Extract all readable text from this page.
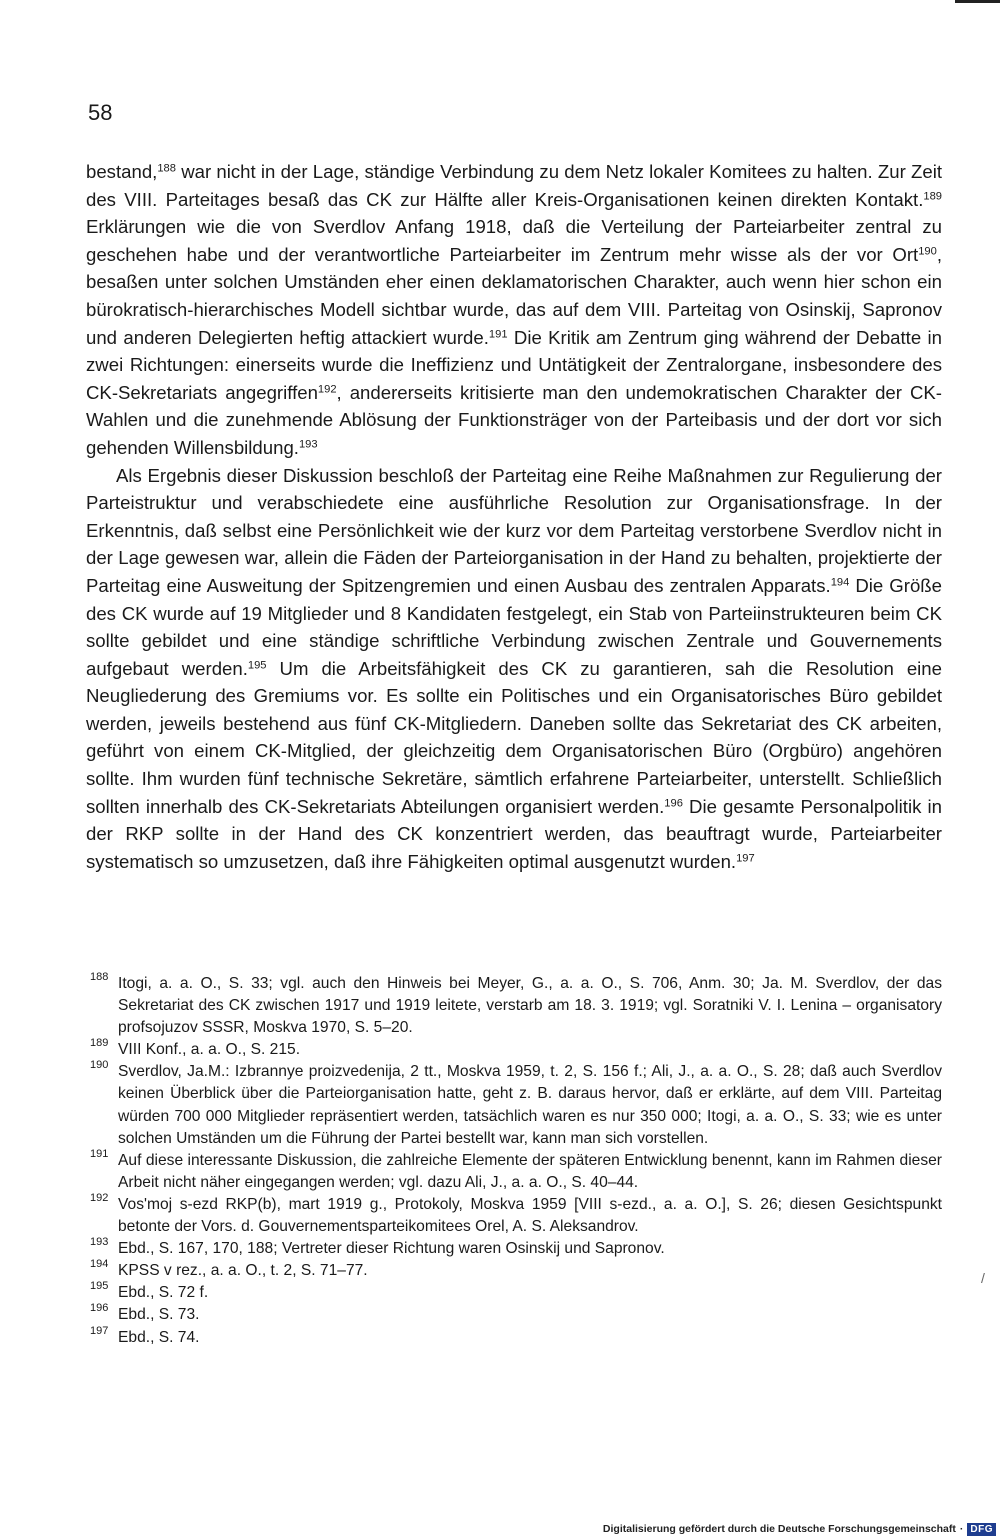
58

bestand,$^{188}$ war nicht in der Lage, ständige Verbindung zu dem Netz lokaler Komitees zu halten. Zur Zeit des VIII. Parteitages besaß das CK zur Hälfte aller Kreis-Organisationen keinen direkten Kontakt.$^{189}$ Erklärungen wie die von Sverdlov Anfang 1918, daß die Verteilung der Parteiarbeiter zentral zu geschehen habe und der verantwortliche Parteiarbeiter im Zentrum mehr wisse als der vor Ort$^{190}$, besaßen unter solchen Umständen eher einen deklamatorischen Charakter, auch wenn hier schon ein bürokratisch-hierarchisches Modell sichtbar wurde, das auf dem VIII. Parteitag von Osinskij, Sapronov und anderen Delegierten heftig attackiert wurde.$^{191}$ Die Kritik am Zentrum ging während der Debatte in zwei Richtungen: einerseits wurde die Ineffizienz und Untätigkeit der Zentralorgane, insbesondere des CK-Sekretariats angegriffen$^{192}$, andererseits kritisierte man den undemokratischen Charakter der CK-Wahlen und die zunehmende Ablösung der Funktionsträger von der Parteibasis und der dort vor sich gehenden Willensbildung.$^{193}$

Als Ergebnis dieser Diskussion beschloß der Parteitag eine Reihe Maßnahmen zur Regulierung der Parteistruktur und verabschiedete eine ausführliche Resolution zur Organisationsfrage. In der Erkenntnis, daß selbst eine Persönlichkeit wie der kurz vor dem Parteitag verstorbene Sverdlov nicht in der Lage gewesen war, allein die Fäden der Parteiorganisation in der Hand zu behalten, projektierte der Parteitag eine Ausweitung der Spitzengremien und einen Ausbau des zentralen Apparats.$^{194}$ Die Größe des CK wurde auf 19 Mitglieder und 8 Kandidaten festgelegt, ein Stab von Parteiinstrukteuren beim CK sollte gebildet und eine ständige schriftliche Verbindung zwischen Zentrale und Gouvernements aufgebaut werden.$^{195}$ Um die Arbeitsfähigkeit des CK zu garantieren, sah die Resolution eine Neugliederung des Gremiums vor. Es sollte ein Politisches und ein Organisatorisches Büro gebildet werden, jeweils bestehend aus fünf CK-Mitgliedern. Daneben sollte das Sekretariat des CK arbeiten, geführt von einem CK-Mitglied, der gleichzeitig dem Organisatorischen Büro (Orgbüro) angehören sollte. Ihm wurden fünf technische Sekretäre, sämtlich erfahrene Parteiarbeiter, unterstellt. Schließlich sollten innerhalb des CK-Sekretariats Abteilungen organisiert werden.$^{196}$ Die gesamte Personalpolitik in der RKP sollte in der Hand des CK konzentriert werden, das beauftragt wurde, Parteiarbeiter systematisch so umzusetzen, daß ihre Fähigkeiten optimal ausgenutzt wurden.$^{197}$

188 Itogi, a. a. O., S. 33; vgl. auch den Hinweis bei Meyer, G., a. a. O., S. 706, Anm. 30; Ja. M. Sverdlov, der das Sekretariat des CK zwischen 1917 und 1919 leitete, verstarb am 18. 3. 1919; vgl. Soratniki V. I. Lenina – organisatory profsojuzov SSSR, Moskva 1970, S. 5–20.
189 VIII Konf., a. a. O., S. 215.
190 Sverdlov, Ja.M.: Izbrannye proizvedenija, 2 tt., Moskva 1959, t. 2, S. 156 f.; Ali, J., a. a. O., S. 28; daß auch Sverdlov keinen Überblick über die Parteiorganisation hatte, geht z. B. daraus hervor, daß er erklärte, auf dem VIII. Parteitag würden 700 000 Mitglieder repräsentiert werden, tatsächlich waren es nur 350 000; Itogi, a. a. O., S. 33; wie es unter solchen Umständen um die Führung der Partei bestellt war, kann man sich vorstellen.
191 Auf diese interessante Diskussion, die zahlreiche Elemente der späteren Entwicklung benennt, kann im Rahmen dieser Arbeit nicht näher eingegangen werden; vgl. dazu Ali, J., a. a. O., S. 40–44.
192 Vos'moj s-ezd RKP(b), mart 1919 g., Protokoly, Moskva 1959 [VIII s-ezd., a. a. O.], S. 26; diesen Gesichtspunkt betonte der Vors. d. Gouvernementsparteikomitees Orel, A. S. Aleksandrov.
193 Ebd., S. 167, 170, 188; Vertreter dieser Richtung waren Osinskij und Sapronov.
194 KPSS v rez., a. a. O., t. 2, S. 71–77.
195 Ebd., S. 72 f.
196 Ebd., S. 73.
197 Ebd., S. 74.
/
Digitalisierung gefördert durch die Deutsche Forschungsgemeinschaft · DFG
